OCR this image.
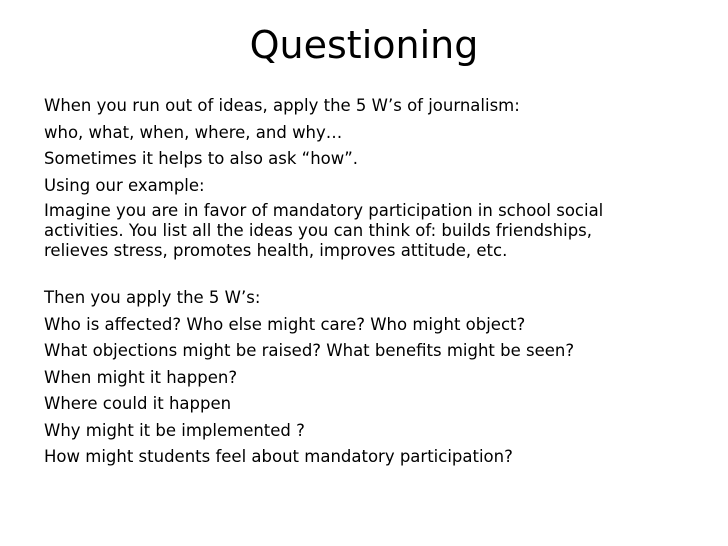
Questioning
When you run out of ideas, apply the 5 W’s of journalism:
who, what, when, where, and why…
Sometimes it helps to also ask “how”.
Using our example:
Imagine you are in favor of mandatory participation in school social
activities. You list all the ideas you can think of: builds friendships,
relieves stress, promotes health, improves attitude, etc.
Then you apply the 5 W’s:
Who is affected? Who else might care? Who might object?
What objections might be raised? What benefits might be seen?
When might it happen?
Where could it happen
Why might it be implemented ?
How might students feel about mandatory participation?
